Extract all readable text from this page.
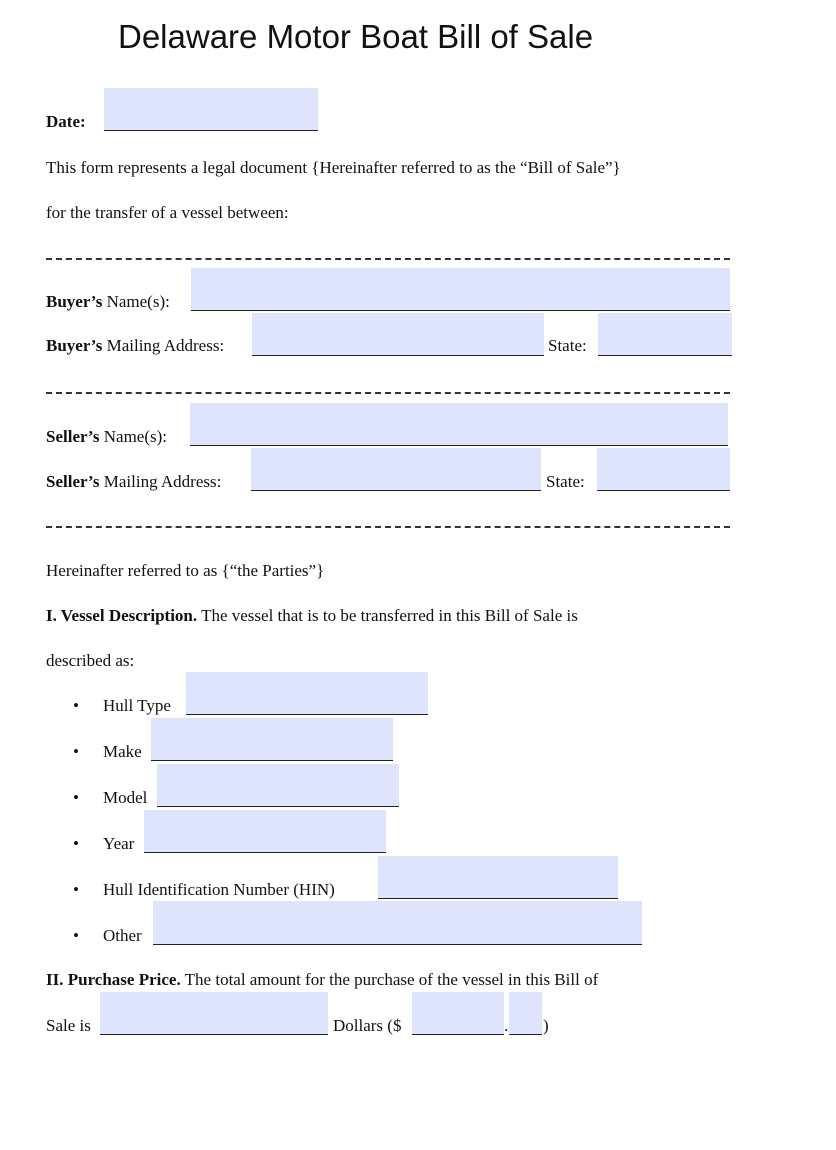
Delaware Motor Boat Bill of Sale
Date:
This form represents a legal document {Hereinafter referred to as the “Bill of Sale”}
for the transfer of a vessel between:
Buyer’s Name(s):
Buyer’s Mailing Address:	State:
Seller’s Name(s):
Seller’s Mailing Address:	State:
Hereinafter referred to as {“the Parties”}
I. Vessel Description. The vessel that is to be transferred in this Bill of Sale is
described as:
• Hull Type
• Make
• Model
• Year
• Hull Identification Number (HIN)
• Other
II. Purchase Price. The total amount for the purchase of the vessel in this Bill of
Sale is	Dollars ($	. )
